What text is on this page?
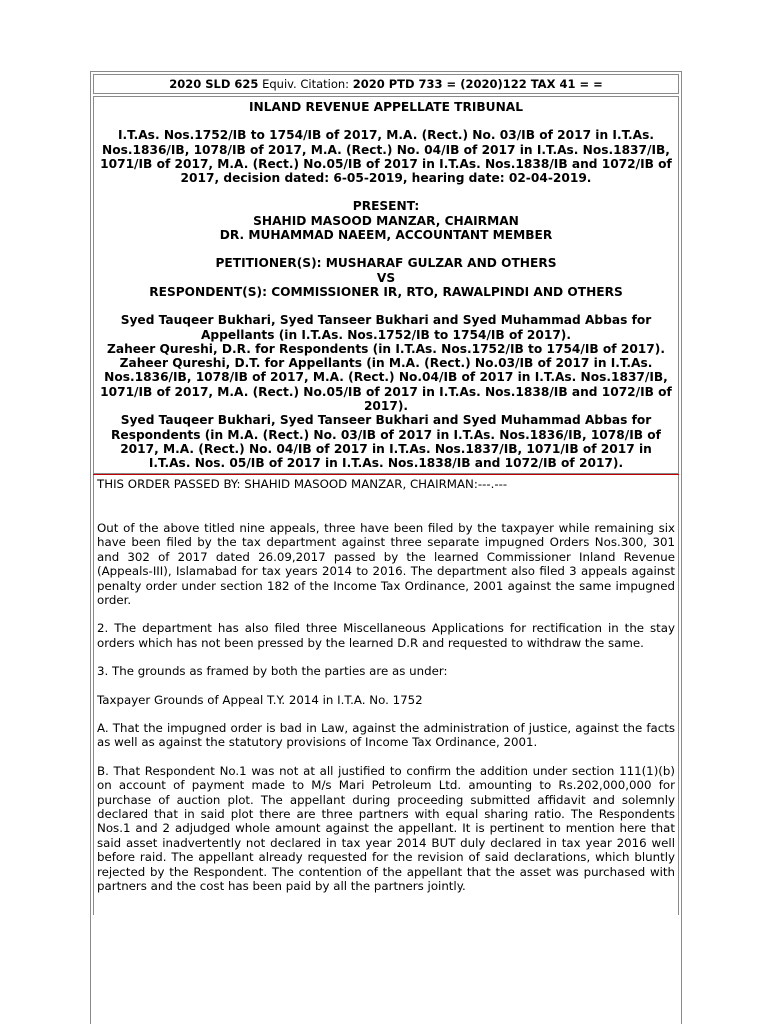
2020 SLD 625 Equiv. Citation: 2020 PTD 733 = (2020)122 TAX 41 = =

INLAND REVENUE APPELLATE TRIBUNAL

I.T.As. Nos.1752/IB to 1754/IB of 2017, M.A. (Rect.) No. 03/IB of 2017 in I.T.As. Nos.1836/IB, 1078/IB of 2017, M.A. (Rect.) No. 04/IB of 2017 in I.T.As. Nos.1837/IB, 1071/IB of 2017, M.A. (Rect.) No.05/IB of 2017 in I.T.As. Nos.1838/IB and 1072/IB of 2017, decision dated: 6-05-2019, hearing date: 02-04-2019.

PRESENT:

SHAHID MASOOD MANZAR, CHAIRMAN

DR. MUHAMMAD NAEEM, ACCOUNTANT MEMBER

PETITIONER(S): MUSHARAF GULZAR AND OTHERS

VS

RESPONDENT(S): COMMISSIONER IR, RTO, RAWALPINDI AND OTHERS

Syed Tauqeer Bukhari, Syed Tanseer Bukhari and Syed Muhammad Abbas for Appellants (in I.T.As. Nos.1752/IB to 1754/IB of 2017).

Zaheer Qureshi, D.R. for Respondents (in I.T.As. Nos.1752/IB to 1754/IB of 2017).

Zaheer Qureshi, D.T. for Appellants (in M.A. (Rect.) No.03/IB of 2017 in I.T.As. Nos.1836/IB, 1078/IB of 2017, M.A. (Rect.) No.04/IB of 2017 in I.T.As. Nos.1837/IB, 1071/IB of 2017, M.A. (Rect.) No.05/IB of 2017 in I.T.As. Nos.1838/IB and 1072/IB of 2017).

Syed Tauqeer Bukhari, Syed Tanseer Bukhari and Syed Muhammad Abbas for Respondents (in M.A. (Rect.) No. 03/IB of 2017 in I.T.As. Nos.1836/IB, 1078/IB of 2017, M.A. (Rect.) No. 04/IB of 2017 in I.T.As. Nos.1837/IB, 1071/IB of 2017 in I.T.As. Nos. 05/IB of 2017 in I.T.As. Nos.1838/IB and 1072/IB of 2017).

THIS ORDER PASSED BY: SHAHID MASOOD MANZAR, CHAIRMAN:---.---

Out of the above titled nine appeals, three have been filed by the taxpayer while remaining six have been filed by the tax department against three separate impugned Orders Nos.300, 301 and 302 of 2017 dated 26.09,2017 passed by the learned Commissioner Inland Revenue (Appeals-III), Islamabad for tax years 2014 to 2016. The department also filed 3 appeals against penalty order under section 182 of the Income Tax Ordinance, 2001 against the same impugned order.

2. The department has also filed three Miscellaneous Applications for rectification in the stay orders which has not been pressed by the learned D.R and requested to withdraw the same.

3. The grounds as framed by both the parties are as under:

Taxpayer Grounds of Appeal T.Y. 2014 in I.T.A. No. 1752

A. That the impugned order is bad in Law, against the administration of justice, against the facts as well as against the statutory provisions of Income Tax Ordinance, 2001.

B. That Respondent No.1 was not at all justified to confirm the addition under section 111(1)(b) on account of payment made to M/s Mari Petroleum Ltd. amounting to Rs.202,000,000 for purchase of auction plot. The appellant during proceeding submitted affidavit and solemnly declared that in said plot there are three partners with equal sharing ratio. The Respondents Nos.1 and 2 adjudged whole amount against the appellant. It is pertinent to mention here that said asset inadvertently not declared in tax year 2014 BUT duly declared in tax year 2016 well before raid. The appellant already requested for the revision of said declarations, which bluntly rejected by the Respondent. The contention of the appellant that the asset was purchased with partners and the cost has been paid by all the partners jointly.
